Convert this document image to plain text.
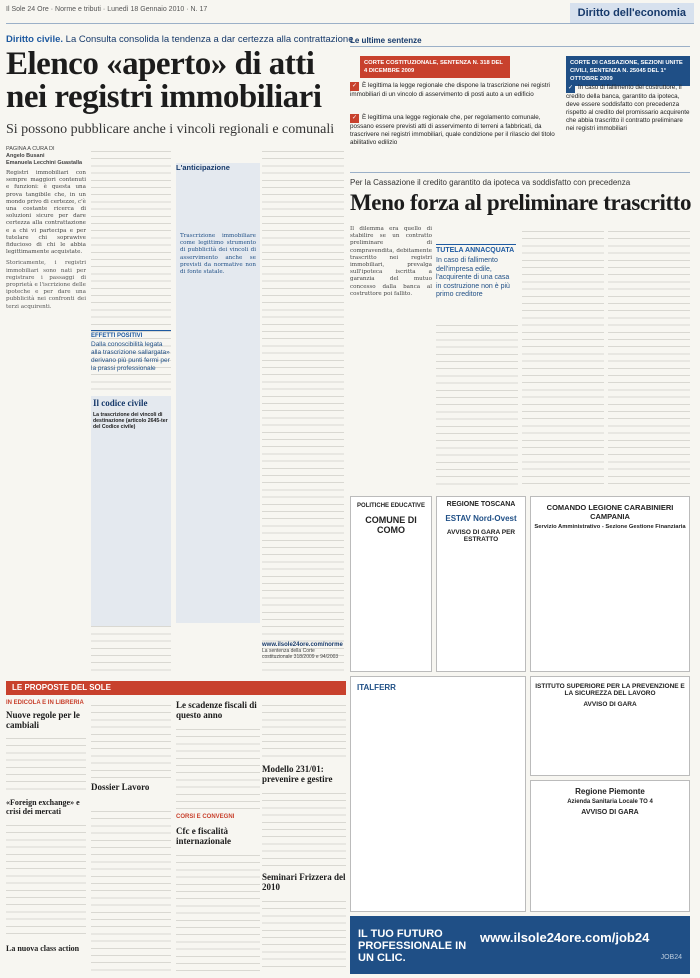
Il Sole 24 Ore · Norme e tributi · Lunedì 18 Gennaio 2010 · N. 17	Diritto dell'economia
Diritto civile. La Consulta consolida la tendenza a dar certezza alla contrattazione
Elenco «aperto» di atti nei registri immobiliari
Si possono pubblicare anche i vincoli regionali e comunali
PAGINA A CURA DI
Angelo Busani
Emanuela Lecchini Guastalla

Registri immobiliari con sempre maggiori contenuti e funzioni: è questa una prova tangibile che, in un mondo privo di certezze, c'è una costante ricerca di soluzioni sicure per dare certezza alla contrattazione e a chi vi partecipa e per tutelare chi soprawive fiducioso di chi le abbia legittimamente acquistate.

Storicamente, i registri immobiliari sono nati per registrare i passaggi di proprietà e l'iscrizione delle ipoteche e per dare una pubblicità nei confronti dei terzi acquirenti.

L'anticipazione
Trascrizione immobiliare come legittimo strumento di pubblicità dei vincoli di asservimento anche se previsti da normative non di fonte statale.
EFFETTI POSITIVI
Dalla conoscibilità legata alla trascrizione sallargata» derivano più punti fermi per la prassi professionale
Il codice civile
La trascrizione dei vincoli di destinazione (articolo 2645-ter del Codice civile)
www.ilsole24ore.com/norme
La sentenza della Corte costituzionale 318/2009 e 94/2003
Le ultime sentenze
CORTE COSTITUZIONALE, SENTENZA N. 318 DEL 4 DICEMBRE 2009
✓ È legittima la legge regionale che dispone la trascrizione nei registri immobiliari di un vincolo di asservimento di posti auto a un edificio
✓ È legittima una legge regionale che, per regolamento comunale, possano essere previsti atti di asservimento di terreni a fabbricati, da trascrivere nei registri immobiliari, quale condizione per il rilascio del titolo abilitativo edilizio
CORTE DI CASSAZIONE, SEZIONI UNITE CIVILI, SENTENZA N. 25045 DEL 1° OTTOBRE 2009
✓ In caso di fallimento del costruttore, il credito della banca, garantito da ipoteca, deve essere soddisfatto con precedenza rispetto al credito del promissario acquirente che abbia trascritto il contratto preliminare nei registri immobiliari
Per la Cassazione il credito garantito da ipoteca va soddisfatto con precedenza
Meno forza al preliminare trascritto

Il dilemma era quello di stabilire se un contratto preliminare di compravendita, debitamente trascritto nei registri immobiliari, prevalga sull'ipoteca iscritta a garanzia del mutuo concesso dalla banca al costruttore poi fallito.

TUTELA ANNACQUATA
In caso di fallimento dell'impresa edile, l'acquirente di una casa in costruzione non è più primo creditore
POLITICHE EDUCATIVE
COMUNE DI COMO
REGIONE TOSCANA
ESTAV Nord-Ovest
AVVISO DI GARA PER ESTRATTO
COMANDO LEGIONE CARABINIERI CAMPANIA
Servizio Amministrativo - Sezione Gestione Finanziaria
ITALFERR	ISTITUTO SUPERIORE PER LA PREVENZIONE E LA SICUREZZA DEL LAVORO
AVVISO DI GARA
Regione Piemonte
Azienda Sanitaria Locale TO 4
AVVISO DI GARA
LE PROPOSTE DEL SOLE
IN EDICOLA E IN LIBRERIA
Nuove regole per le cambiali
«Foreign exchange» e crisi dei mercati
La nuova class action
Dossier Lavoro
Le scadenze fiscali di questo anno
CORSI E CONVEGNI
Cfc e fiscalità internazionale
Modello 231/01: prevenire e gestire
Seminari Frizzera del 2010
IL TUO FUTURO PROFESSIONALE IN UN CLIC.
www.ilsole24ore.com/job24
JOB24
